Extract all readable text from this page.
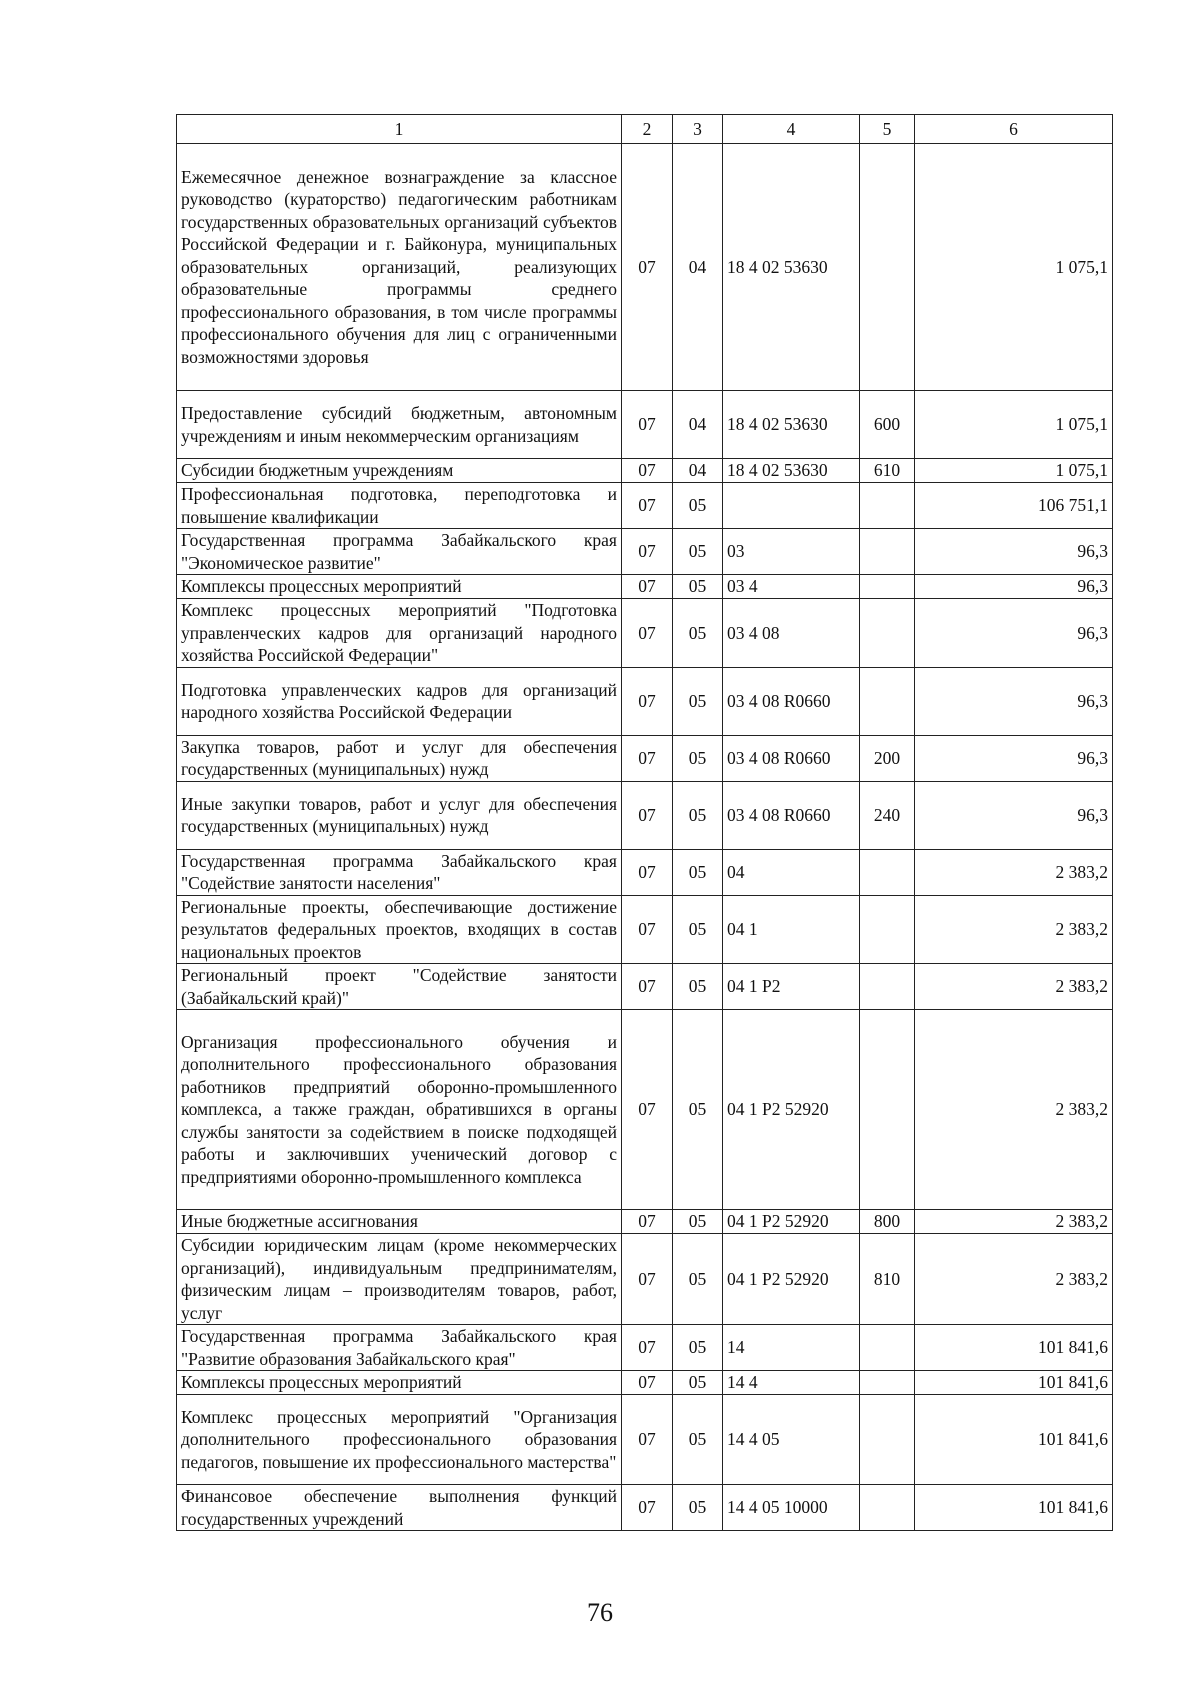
1	2	3	4	5	6
Ежемесячное денежное вознаграждение за классное руководство (кураторство) педагогическим работникам государственных образовательных организаций субъектов Российской Федерации и г. Байконура, муниципальных образовательных организаций, реализующих образовательные программы среднего профессионального образования, в том числе программы профессионального обучения для лиц с ограниченными возможностями здоровья	07	04	18 4 02 53630		1 075,1
Предоставление субсидий бюджетным, автономным учреждениям и иным некоммерческим организациям	07	04	18 4 02 53630	600	1 075,1
Субсидии бюджетным учреждениям	07	04	18 4 02 53630	610	1 075,1
Профессиональная подготовка, переподготовка и повышение квалификации	07	05			106 751,1
Государственная программа Забайкальского края "Экономическое развитие"	07	05	03		96,3
Комплексы процессных мероприятий	07	05	03 4		96,3
Комплекс процессных мероприятий "Подготовка управленческих кадров для организаций народного хозяйства Российской Федерации"	07	05	03 4 08		96,3
Подготовка управленческих кадров для организаций народного хозяйства Российской Федерации	07	05	03 4 08 R0660		96,3
Закупка товаров, работ и услуг для обеспечения государственных (муниципальных) нужд	07	05	03 4 08 R0660	200	96,3
Иные закупки товаров, работ и услуг для обеспечения государственных (муниципальных) нужд	07	05	03 4 08 R0660	240	96,3
Государственная программа Забайкальского края "Содействие занятости населения"	07	05	04		2 383,2
Региональные проекты, обеспечивающие достижение результатов федеральных проектов, входящих в состав национальных проектов	07	05	04 1		2 383,2
Региональный проект "Содействие занятости (Забайкальский край)"	07	05	04 1 P2		2 383,2
Организация профессионального обучения и дополнительного профессионального образования работников предприятий оборонно-промышленного комплекса, а также граждан, обратившихся в органы службы занятости за содействием в поиске подходящей работы и заключивших ученический договор с предприятиями оборонно-промышленного комплекса	07	05	04 1 P2 52920		2 383,2
Иные бюджетные ассигнования	07	05	04 1 P2 52920	800	2 383,2
Субсидии юридическим лицам (кроме некоммерческих организаций), индивидуальным предпринимателям, физическим лицам – производителям товаров, работ, услуг	07	05	04 1 P2 52920	810	2 383,2
Государственная программа Забайкальского края "Развитие образования Забайкальского края"	07	05	14		101 841,6
Комплексы процессных мероприятий	07	05	14 4		101 841,6
Комплекс процессных мероприятий "Организация дополнительного профессионального образования педагогов, повышение их профессионального мастерства"	07	05	14 4 05		101 841,6
Финансовое обеспечение выполнения функций государственных учреждений	07	05	14 4 05 10000		101 841,6
76
